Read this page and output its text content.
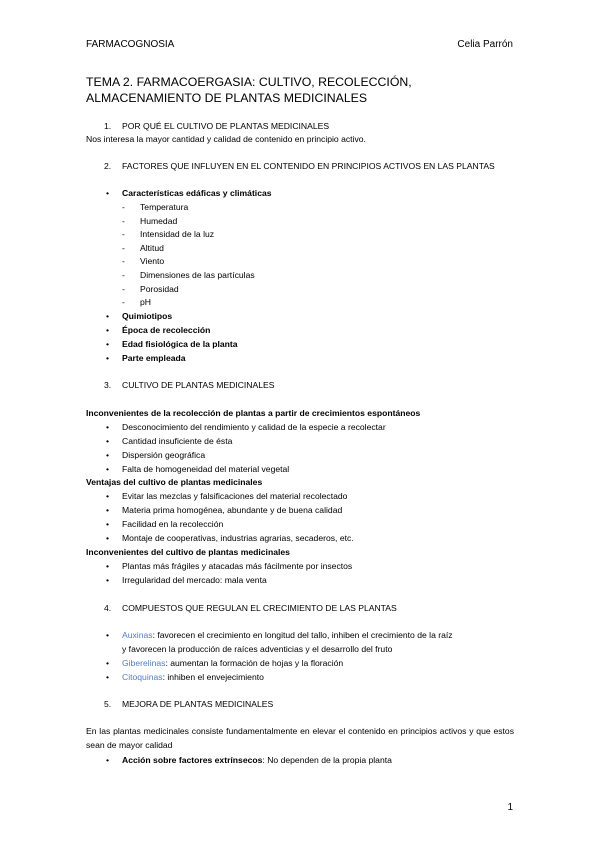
FARMACOGNOSIA	Celia Parrón
TEMA 2. FARMACOERGASIA: CULTIVO, RECOLECCIÓN, ALMACENAMIENTO DE PLANTAS MEDICINALES
1. POR QUÉ EL CULTIVO DE PLANTAS MEDICINALES
Nos interesa la mayor cantidad y calidad de contenido en principio activo.
2. FACTORES QUE INFLUYEN EN EL CONTENIDO EN PRINCIPIOS ACTIVOS EN LAS PLANTAS
• Características edáficas y climáticas
- Temperatura
- Humedad
- Intensidad de la luz
- Altitud
- Viento
- Dimensiones de las partículas
- Porosidad
- pH
• Quimiotipos
• Época de recolección
• Edad fisiológica de la planta
• Parte empleada
3. CULTIVO DE PLANTAS MEDICINALES
Inconvenientes de la recolección de plantas a partir de crecimientos espontáneos
• Desconocimiento del rendimiento y calidad de la especie a recolectar
• Cantidad insuficiente de ésta
• Dispersión geográfica
• Falta de homogeneidad del material vegetal
Ventajas del cultivo de plantas medicinales
• Evitar las mezclas y falsificaciones del material recolectado
• Materia prima homogénea, abundante y de buena calidad
• Facilidad en la recolección
• Montaje de cooperativas, industrias agrarias, secaderos, etc.
Inconvenientes del cultivo de plantas medicinales
• Plantas más frágiles y atacadas más fácilmente por insectos
• Irregularidad del mercado: mala venta
4. COMPUESTOS QUE REGULAN EL CRECIMIENTO DE LAS PLANTAS
• Auxinas: favorecen el crecimiento en longitud del tallo, inhiben el crecimiento de la raíz
y favorecen la producción de raíces adventicias y el desarrollo del fruto
• Giberelinas: aumentan la formación de hojas y la floración
• Citoquinas: inhiben el envejecimiento
5. MEJORA DE PLANTAS MEDICINALES
En las plantas medicinales consiste fundamentalmente en elevar el contenido en principios activos y que estos sean de mayor calidad
• Acción sobre factores extrínsecos: No dependen de la propia planta
1
